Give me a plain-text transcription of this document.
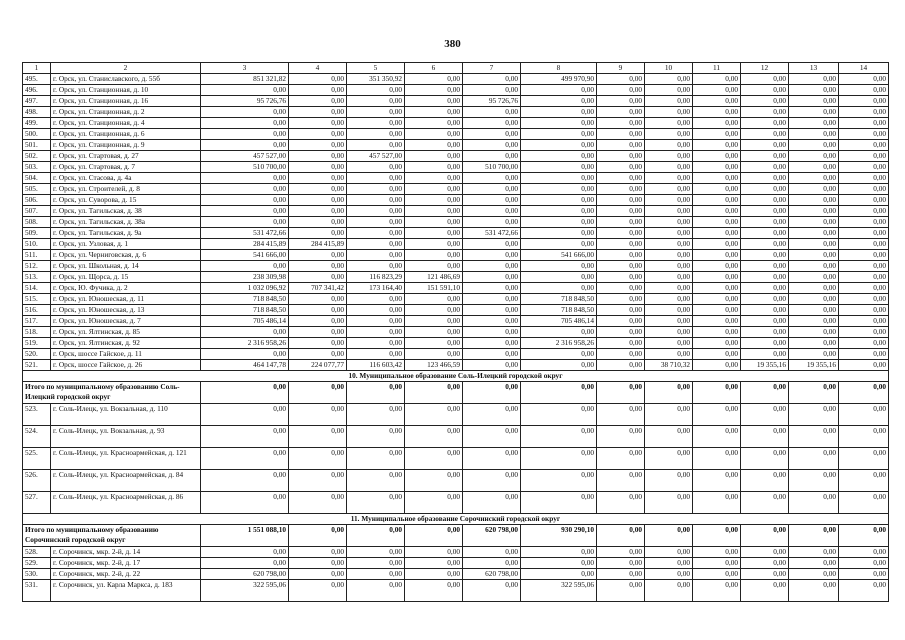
380
1	2	3	4	5	6	7	8	9	10	11	12	13	14
495.	г. Орск, ул. Станиславского, д. 55б	851 321,82	0,00	351 350,92	0,00	0,00	499 970,90	0,00	0,00	0,00	0,00	0,00	0,00
496.	г. Орск, ул. Станционная, д. 10	0,00	0,00	0,00	0,00	0,00	0,00	0,00	0,00	0,00	0,00	0,00	0,00
497.	г. Орск, ул. Станционная, д. 16	95 726,76	0,00	0,00	0,00	95 726,76	0,00	0,00	0,00	0,00	0,00	0,00	0,00
498.	г. Орск, ул. Станционная, д. 2	0,00	0,00	0,00	0,00	0,00	0,00	0,00	0,00	0,00	0,00	0,00	0,00
499.	г. Орск, ул. Станционная, д. 4	0,00	0,00	0,00	0,00	0,00	0,00	0,00	0,00	0,00	0,00	0,00	0,00
500.	г. Орск, ул. Станционная, д. 6	0,00	0,00	0,00	0,00	0,00	0,00	0,00	0,00	0,00	0,00	0,00	0,00
501.	г. Орск, ул. Станционная, д. 9	0,00	0,00	0,00	0,00	0,00	0,00	0,00	0,00	0,00	0,00	0,00	0,00
502.	г. Орск, ул. Стартовая, д. 27	457 527,00	0,00	457 527,00	0,00	0,00	0,00	0,00	0,00	0,00	0,00	0,00	0,00
503.	г. Орск, ул. Стартовая, д. 7	510 700,00	0,00	0,00	0,00	510 700,00	0,00	0,00	0,00	0,00	0,00	0,00	0,00
504.	г. Орск, ул. Стасова, д. 4а	0,00	0,00	0,00	0,00	0,00	0,00	0,00	0,00	0,00	0,00	0,00	0,00
505.	г. Орск, ул. Строителей, д. 8	0,00	0,00	0,00	0,00	0,00	0,00	0,00	0,00	0,00	0,00	0,00	0,00
506.	г. Орск, ул. Суворова, д. 15	0,00	0,00	0,00	0,00	0,00	0,00	0,00	0,00	0,00	0,00	0,00	0,00
507.	г. Орск, ул. Тагильская, д. 38	0,00	0,00	0,00	0,00	0,00	0,00	0,00	0,00	0,00	0,00	0,00	0,00
508.	г. Орск, ул. Тагильская, д. 38а	0,00	0,00	0,00	0,00	0,00	0,00	0,00	0,00	0,00	0,00	0,00	0,00
509.	г. Орск, ул. Тагильская, д. 9а	531 472,66	0,00	0,00	0,00	531 472,66	0,00	0,00	0,00	0,00	0,00	0,00	0,00
510.	г. Орск, ул. Узловая, д. 1	284 415,89	284 415,89	0,00	0,00	0,00	0,00	0,00	0,00	0,00	0,00	0,00	0,00
511.	г. Орск, ул. Черниговская, д. 6	541 666,00	0,00	0,00	0,00	0,00	541 666,00	0,00	0,00	0,00	0,00	0,00	0,00
512.	г. Орск, ул. Школьная, д. 14	0,00	0,00	0,00	0,00	0,00	0,00	0,00	0,00	0,00	0,00	0,00	0,00
513.	г. Орск, ул. Щорса, д. 15	238 309,98	0,00	116 823,29	121 486,69	0,00	0,00	0,00	0,00	0,00	0,00	0,00	0,00
514.	г. Орск, Ю. Фучика, д. 2	1 032 096,92	707 341,42	173 164,40	151 591,10	0,00	0,00	0,00	0,00	0,00	0,00	0,00	0,00
515.	г. Орск, ул. Юношеская, д. 11	718 848,50	0,00	0,00	0,00	0,00	718 848,50	0,00	0,00	0,00	0,00	0,00	0,00
516.	г. Орск, ул. Юношеская, д. 13	718 848,50	0,00	0,00	0,00	0,00	718 848,50	0,00	0,00	0,00	0,00	0,00	0,00
517.	г. Орск, ул. Юношеская, д. 7	705 486,14	0,00	0,00	0,00	0,00	705 486,14	0,00	0,00	0,00	0,00	0,00	0,00
518.	г. Орск, ул. Ялтинская, д. 85	0,00	0,00	0,00	0,00	0,00	0,00	0,00	0,00	0,00	0,00	0,00	0,00
519.	г. Орск, ул. Ялтинская, д. 92	2 316 958,26	0,00	0,00	0,00	0,00	2 316 958,26	0,00	0,00	0,00	0,00	0,00	0,00
520.	г. Орск, шоссе Гайское, д. 11	0,00	0,00	0,00	0,00	0,00	0,00	0,00	0,00	0,00	0,00	0,00	0,00
521.	г. Орск, шоссе Гайское, д. 26	464 147,78	224 077,77	116 603,42	123 466,59	0,00	0,00	0,00	38 710,32	0,00	19 355,16	19 355,16	0,00
10. Муниципальное образование Соль-Илецкий городской округ													
Итого по муниципальному образованию Соль-Илецкий городской округ		0,00	0,00	0,00	0,00	0,00	0,00	0,00	0,00	0,00	0,00	0,00	0,00
523.	г. Соль-Илецк, ул. Вокзальная, д. 110	0,00	0,00	0,00	0,00	0,00	0,00	0,00	0,00	0,00	0,00	0,00	0,00
524.	г. Соль-Илецк, ул. Вокзальная, д. 93	0,00	0,00	0,00	0,00	0,00	0,00	0,00	0,00	0,00	0,00	0,00	0,00
525.	г. Соль-Илецк, ул. Красноармейская, д. 121	0,00	0,00	0,00	0,00	0,00	0,00	0,00	0,00	0,00	0,00	0,00	0,00
526.	г. Соль-Илецк, ул. Красноармейская, д. 84	0,00	0,00	0,00	0,00	0,00	0,00	0,00	0,00	0,00	0,00	0,00	0,00
527.	г. Соль-Илецк, ул. Красноармейская, д. 86	0,00	0,00	0,00	0,00	0,00	0,00	0,00	0,00	0,00	0,00	0,00	0,00
11. Муниципальное образование Сорочинский городской округ													
Итого по муниципальному образованию Сорочинский городской округ		1 551 088,10	0,00	0,00	0,00	620 798,00	930 290,10	0,00	0,00	0,00	0,00	0,00	0,00
528.	г. Сорочинск, мкр. 2-й, д. 14	0,00	0,00	0,00	0,00	0,00	0,00	0,00	0,00	0,00	0,00	0,00	0,00
529.	г. Сорочинск, мкр. 2-й, д. 17	0,00	0,00	0,00	0,00	0,00	0,00	0,00	0,00	0,00	0,00	0,00	0,00
530.	г. Сорочинск, мкр. 2-й, д. 22	620 798,00	0,00	0,00	0,00	620 798,00	0,00	0,00	0,00	0,00	0,00	0,00	0,00
531.	г. Сорочинск, ул. Карла Маркса, д. 183	322 595,06	0,00	0,00	0,00	0,00	322 595,06	0,00	0,00	0,00	0,00	0,00	0,00
